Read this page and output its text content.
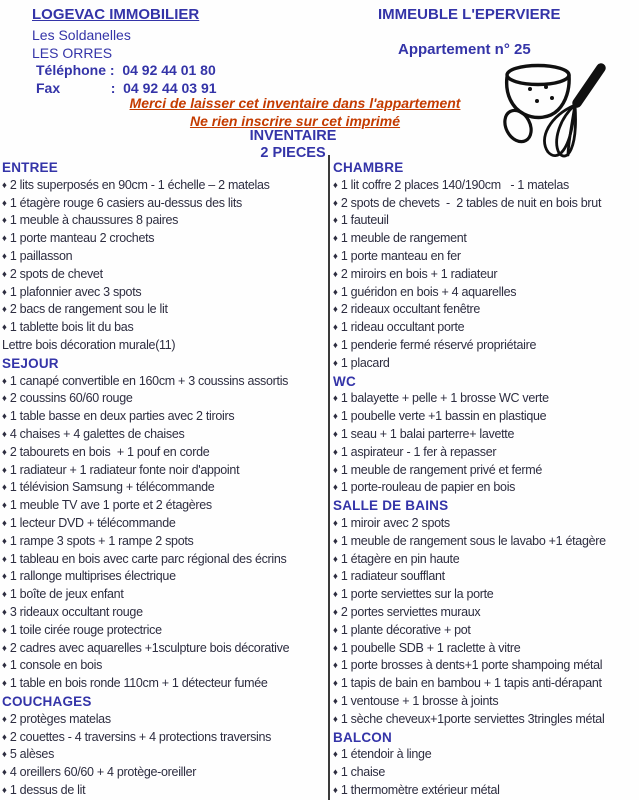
LOGEVAC IMMOBILIER
Les Soldanelles
LES ORRES
Téléphone :  04 92 44 01 80
Fax             :  04 92 44 03 91
IMMEUBLE L'EPERVIERE
Appartement n° 25
Merci de laisser cet inventaire dans l'appartement
Ne rien inscrire sur cet imprimé
INVENTAIRE
2 PIECES
ENTREE
♦ 2 lits superposés en 90cm - 1 échelle – 2 matelas
♦ 1 étagère rouge 6 casiers au-dessus des lits
♦ 1 meuble à chaussures 8 paires
♦ 1 porte manteau 2 crochets
♦ 1 paillasson
♦ 2 spots de chevet
♦ 1 plafonnier avec 3 spots
♦ 2 bacs de rangement sou le lit
♦ 1 tablette bois lit du bas
Lettre bois décoration murale(11)
SEJOUR
♦ 1 canapé convertible en 160cm + 3 coussins assortis
♦ 2 coussins 60/60 rouge
♦ 1 table basse en deux parties avec 2 tiroirs
♦ 4 chaises + 4 galettes de chaises
♦ 2 tabourets en bois  + 1 pouf en corde
♦ 1 radiateur + 1 radiateur fonte noir d'appoint
♦ 1 télévision Samsung + télécommande
♦ 1 meuble TV ave 1 porte et 2 étagères
♦ 1 lecteur DVD + télécommande
♦ 1 rampe 3 spots + 1 rampe 2 spots
♦ 1 tableau en bois avec carte parc régional des écrins
♦ 1 rallonge multiprises électrique
♦ 1 boîte de jeux enfant
♦ 3 rideaux occultant rouge
♦ 1 toile cirée rouge protectrice
♦ 2 cadres avec aquarelles +1sculpture bois décorative
♦ 1 console en bois
♦ 1 table en bois ronde 110cm + 1 détecteur fumée
COUCHAGES
♦ 2 protèges matelas
♦ 2 couettes - 4 traversins + 4 protections traversins
♦ 5 alèses
♦ 4 oreillers 60/60 + 4 protège-oreiller
♦ 1 dessus de lit
CHAMBRE
♦ 1 lit coffre 2 places 140/190cm   - 1 matelas
♦ 2 spots de chevets  -  2 tables de nuit en bois brut
♦ 1 fauteuil
♦ 1 meuble de rangement
♦ 1 porte manteau en fer
♦ 2 miroirs en bois + 1 radiateur
♦ 1 guéridon en bois + 4 aquarelles
♦ 2 rideaux occultant fenêtre
♦ 1 rideau occultant porte
♦ 1 penderie fermé réservé propriétaire
♦ 1 placard
WC
♦ 1 balayette + pelle + 1 brosse WC verte
♦ 1 poubelle verte +1 bassin en plastique
♦ 1 seau + 1 balai parterre+ lavette
♦ 1 aspirateur - 1 fer à repasser
♦ 1 meuble de rangement privé et fermé
♦ 1 porte-rouleau de papier en bois
SALLE DE BAINS
♦ 1 miroir avec 2 spots
♦ 1 meuble de rangement sous le lavabo +1 étagère
♦ 1 étagère en pin haute
♦ 1 radiateur soufflant
♦ 1 porte serviettes sur la porte
♦ 2 portes serviettes muraux
♦ 1 plante décorative + pot
♦ 1 poubelle SDB + 1 raclette à vitre
♦ 1 porte brosses à dents+1 porte shampoing métal
♦ 1 tapis de bain en bambou + 1 tapis anti-dérapant
♦ 1 ventouse + 1 brosse à joints
♦ 1 sèche cheveux+1porte serviettes 3tringles métal
BALCON
♦ 1 étendoir à linge
♦ 1 chaise
♦ 1 thermomètre extérieur métal
